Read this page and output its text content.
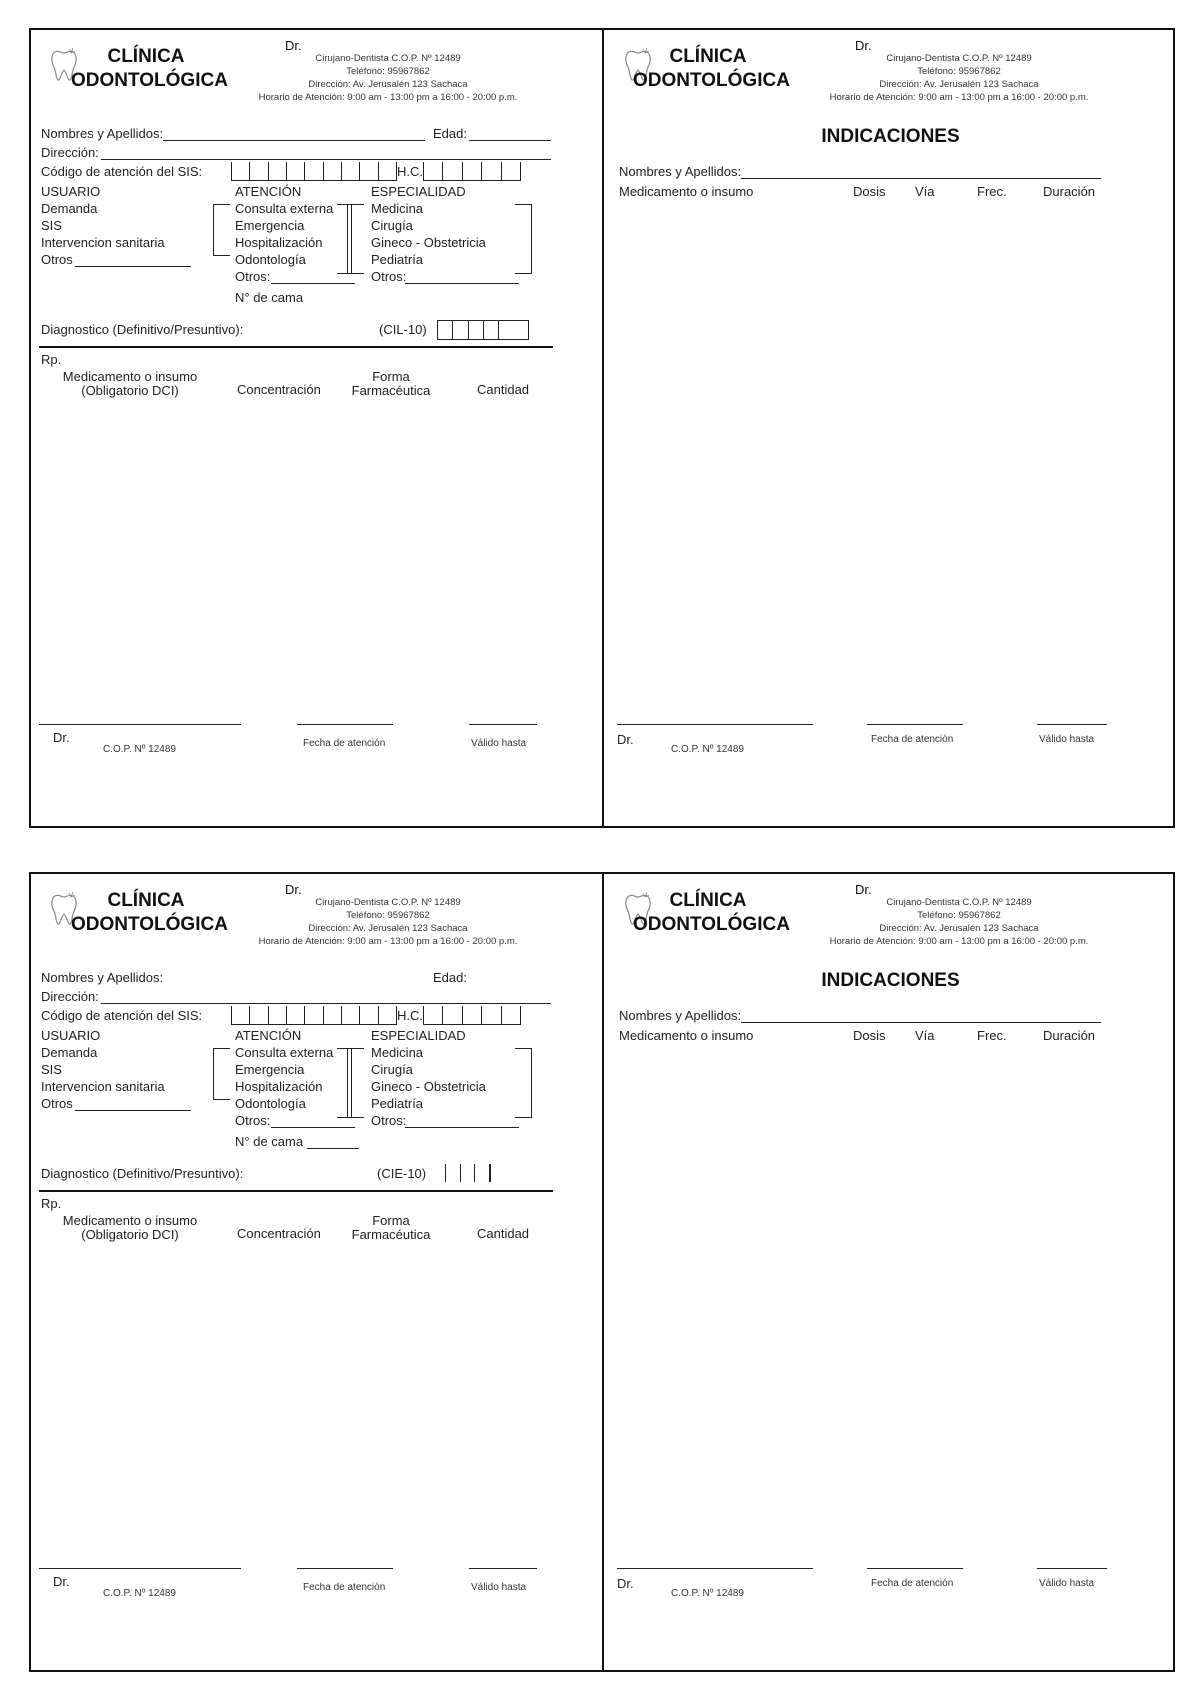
CLÍNICA
ODONTOLÓGICA
Dr.
Cirujano-Dentista C.O.P. Nº 12489
Teléfono: 95967862
Dirección: Av. Jerusalén 123 Sachaca
Horario de Atención: 9:00 am - 13:00 pm a 16:00 - 20:00 p.m.
Nombres y Apellidos:	Edad:
Dirección:
Código de atención del SIS:	H.C.
USUARIO
Demanda
SIS
Intervencion sanitaria
Otros
ATENCIÓN
Consulta externa
Emergencia
Hospitalización
Odontología
Otros:
N° de cama
ESPECIALIDAD
Medicina
Cirugía
Gineco - Obstetricia
Pediatría
Otros:
Diagnostico (Definitivo/Presuntivo):	(CIL-10)
Rp.
Medicamento o insumo
(Obligatorio DCI)	Concentración
Forma
Farmacéutica	Cantidad
Dr.
C.O.P. Nº 12489
Fecha de atención	Válido hasta
CLÍNICA
ODONTOLÓGICA
Dr.
Cirujano-Dentista C.O.P. Nº 12489
Teléfono: 95967862
Dirección: Av. Jerusalén 123 Sachaca
Horario de Atención: 9:00 am - 13:00 pm a 16:00 - 20:00 p.m.
INDICACIONES
Nombres y Apellidos:
Medicamento o insumo	Dosis Vía	Frec.	Duración
Dr.
C.O.P. Nº 12489
Fecha de atención	Válido hasta
CLÍNICA
ODONTOLÓGICA
Dr.
Cirujano-Dentista C.O.P. Nº 12489
Teléfono: 95967862
Dirección: Av. Jerusalén 123 Sachaca
Horario de Atención: 9:00 am - 13:00 pm a 16:00 - 20:00 p.m.
Nombres y Apellidos:	Edad:
Dirección:
Código de atención del SIS:	H.C.
USUARIO
Demanda
SIS
Intervencion sanitaria
Otros
ATENCIÓN
Consulta externa
Emergencia
Hospitalización
Odontología
Otros:
N° de cama
ESPECIALIDAD
Medicina
Cirugía
Gineco - Obstetricia
Pediatría
Otros:
Diagnostico (Definitivo/Presuntivo):	(CIE-10)
Rp.
Medicamento o insumo
(Obligatorio DCI)	Concentración
Forma
Farmacéutica	Cantidad
Dr.
C.O.P. Nº 12489
Fecha de atención	Válido hasta
CLÍNICA
ODONTOLÓGICA
Dr.
Cirujano-Dentista C.O.P. Nº 12489
Teléfono: 95967862
Dirección: Av. Jerusalén 123 Sachaca
Horario de Atención: 9:00 am - 13:00 pm a 16:00 - 20:00 p.m.
INDICACIONES
Nombres y Apellidos:
Medicamento o insumo	Dosis Vía	Frec.	Duración
Dr.
C.O.P. Nº 12489
Fecha de atención	Válido hasta
